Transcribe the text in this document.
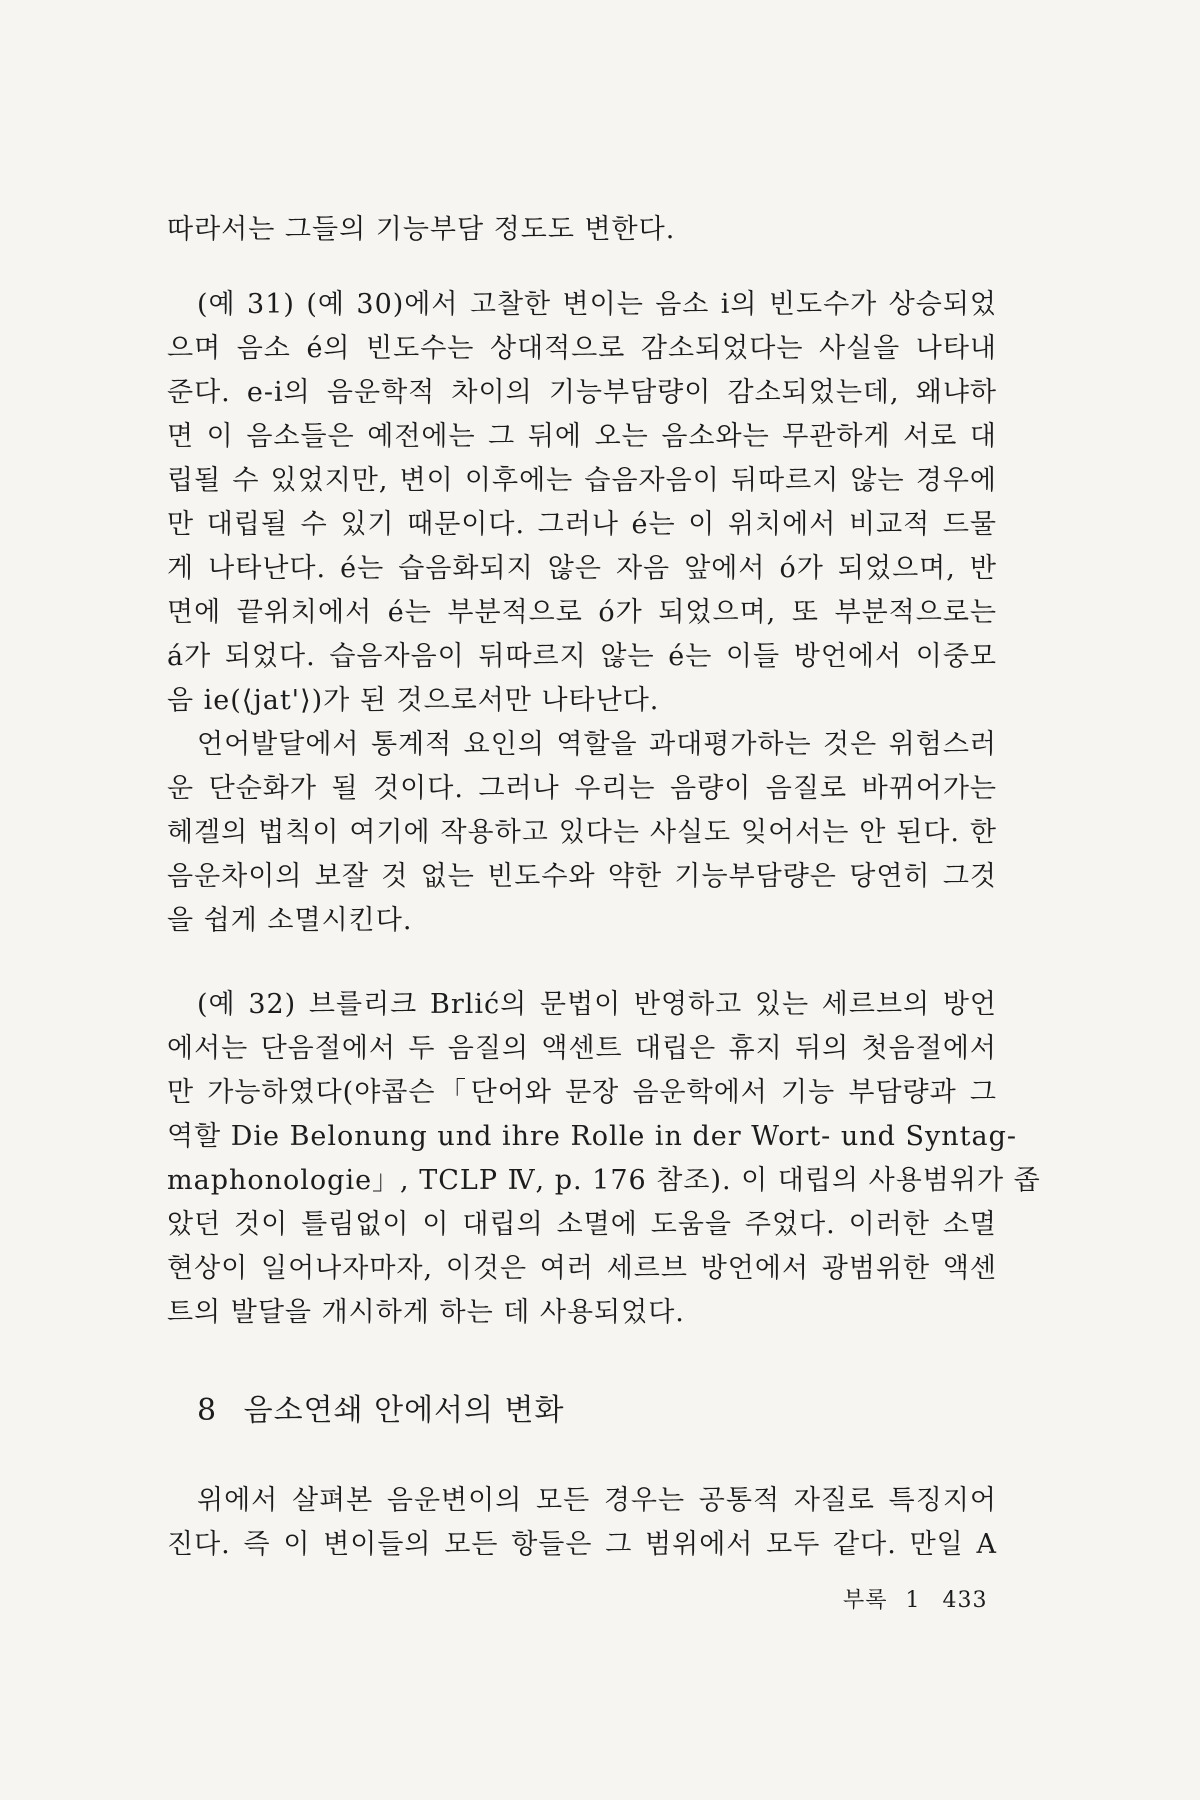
따라서는 그들의 기능부담 정도도 변한다.
(예 31) (예 30)에서 고찰한 변이는 음소 i의 빈도수가 상승되었
으며 음소 é의 빈도수는 상대적으로 감소되었다는 사실을 나타내
준다. e-i의 음운학적 차이의 기능부담량이 감소되었는데, 왜냐하
면 이 음소들은 예전에는 그 뒤에 오는 음소와는 무관하게 서로 대
립될 수 있었지만, 변이 이후에는 습음자음이 뒤따르지 않는 경우에
만 대립될 수 있기 때문이다. 그러나 é는 이 위치에서 비교적 드물
게 나타난다. é는 습음화되지 않은 자음 앞에서 ó가 되었으며, 반
면에 끝위치에서 é는 부분적으로 ó가 되었으며, 또 부분적으로는
á가 되었다. 습음자음이 뒤따르지 않는 é는 이들 방언에서 이중모
음 ie(⟨jat'⟩)가 된 것으로서만 나타난다.
언어발달에서 통계적 요인의 역할을 과대평가하는 것은 위험스러
운 단순화가 될 것이다. 그러나 우리는 음량이 음질로 바뀌어가는
헤겔의 법칙이 여기에 작용하고 있다는 사실도 잊어서는 안 된다. 한
음운차이의 보잘 것 없는 빈도수와 약한 기능부담량은 당연히 그것
을 쉽게 소멸시킨다.
(예 32) 브를리크 Brlić의 문법이 반영하고 있는 세르브의 방언
에서는 단음절에서 두 음질의 액센트 대립은 휴지 뒤의 첫음절에서
만 가능하였다(야콥슨「단어와 문장 음운학에서 기능 부담량과 그
역할 Die Belonung und ihre Rolle in der Wort- und Syntag-
maphonologie」, TCLP Ⅳ, p. 176 참조). 이 대립의 사용범위가 좁
았던 것이 틀림없이 이 대립의 소멸에 도움을 주었다. 이러한 소멸
현상이 일어나자마자, 이것은 여러 세르브 방언에서 광범위한 액센
트의 발달을 개시하게 하는 데 사용되었다.
8 음소연쇄 안에서의 변화
위에서 살펴본 음운변이의 모든 경우는 공통적 자질로 특징지어
진다. 즉 이 변이들의 모든 항들은 그 범위에서 모두 같다. 만일 A
부록 1 433
